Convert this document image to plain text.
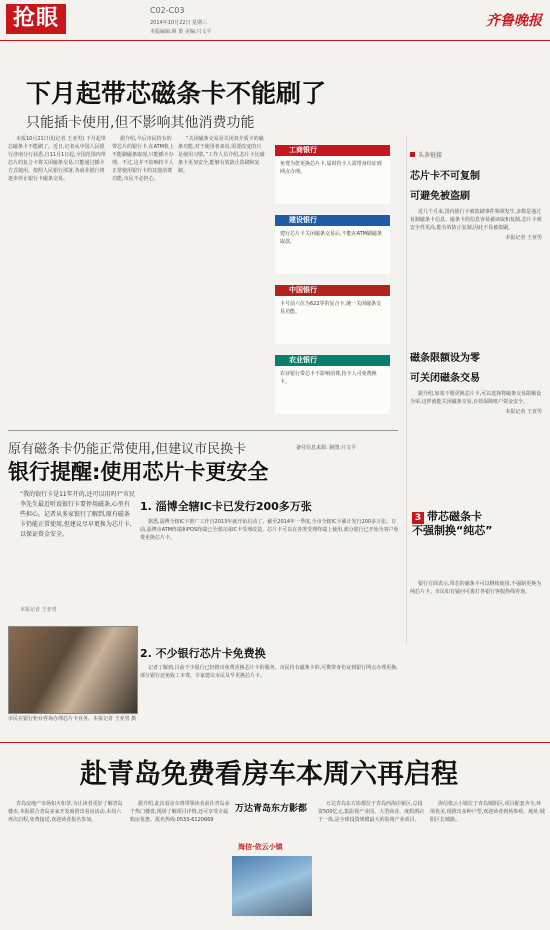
抢眼	C02-C03
2014年10月22日 星期三
本版编辑:姚 策 美编:只文平
齐鲁晚报
下月起带芯磁条卡不能刷了
只能插卡使用,但不影响其他消费功能

本报10月21日讯(记者 王亚男) 下月起带芯磁条卡不能刷了。近日,记者从中国人民银行济南分行获悉,自11月1日起,全国范围内带芯片的复合卡将关闭磁条交易,只能通过插卡方式使用。按照人民银行部署,各商业银行将逐步停止银行卡磁条交易。

据介绍,今后市民持有的带芯片的银行卡,在ATM机上不能刷磁条取现,只能插卡办理。不过,这并不影响持卡人正常使用银行卡的其他消费功能,市民不必担心。

“关闭磁条交易是关闭双介质卡的磁条功能,对于使用者来说,需要改变的只是使用习惯。”工作人员介绍,芯片卡比磁条卡更加安全,能够有效防止盗刷和复制。

工商银行
免费为您更换芯片卡,届时持卡人需带身份证到网点办理。
建设银行
建行芯片卡关闭磁条交易后,不能在ATM刷磁条取款。
中国银行
卡号前六位为622等的复合卡,统一关闭磁条交易功能。
农业银行
农业银行带芯卡不影响消费,持卡人可免费换卡。
备付信息来源: 制图:只文平
头条链接
芯片卡不可复制
可避免被盗刷

近几个月来,国内银行卡被盗刷事件频频发生,多数是通过复制磁条卡信息。磁条卡的信息容易被读取和复制,芯片卡则安全性更高,能有效防止复制,因此不易被盗刷。

本报记者 王亚男

磁条限额设为零
可关闭磁条交易

据介绍,如果不想更换芯片卡,可以选择将磁条交易限额设为零,这样就能关闭磁条交易,有效保障账户资金安全。

本报记者 王亚男

原有磁条卡仍能正常使用,但建议市民换卡
银行提醒:使用芯片卡更安全
“我的银行卡是11年开的,还可以用吗?”市民李先生最近听说银行卡要停用磁条,心里有些担心。记者从多家银行了解到,原有磁条卡仍能正常使用,但建议尽早更换为芯片卡,以保证资金安全。
本报记者 王亚男
市民在银行柜台咨询办理芯片卡业务。本报记者 王亚男 摄
1. 淄博全辖IC卡已发行200多万张

据悉,淄博全辖IC卡推广工作自2013年就开始启动了。截至2014年一季度,全市全辖IC卡累计发行200多万张。日前,淄博市ATM终端和POS终端已全部完成IC卡受理改造。芯片卡可以在各类受理终端上使用,部分银行已开始为客户免费更换芯片卡。

2. 不少银行芯片卡免费换

记者了解到,目前不少银行已经推出免费更换芯片卡的服务。市民持有磁条卡的,可携带身份证到银行网点办理更换,部分银行还免收工本费。专家建议市民及早更换芯片卡。

3 带芯磁条卡
不强制换“纯芯”

银行方面表示,带芯的磁条卡可以继续使用,不强制更换为纯芯片卡。市民如有疑问可拨打各银行客服热线咨询。

赴青岛免费看房车本周六再启程

青岛房地产市场如火如荼,为让读者更好了解青岛楼市,本报联合青岛多家开发商推出看房活动,本周六再次启程,免费接送,欢迎读者报名参加。

据介绍,此次看房车将带领读者前往青岛多个热门楼盘,现场了解项目详情,还可享受专属购房优惠。报名热线:0533-6120669

万达青岛东方影都
海信·依云小镇

万达青岛东方影都位于青岛西海岸新区,总投资500亿元,集影视产业园、大型商业、度假酒店于一体,是全球投资规模最大的影视产业项目。

海信依云小镇位于青岛城阳区,项目配套齐全,环境优美,现推出多种户型,欢迎读者到场参观。地址:城阳区长城路。
